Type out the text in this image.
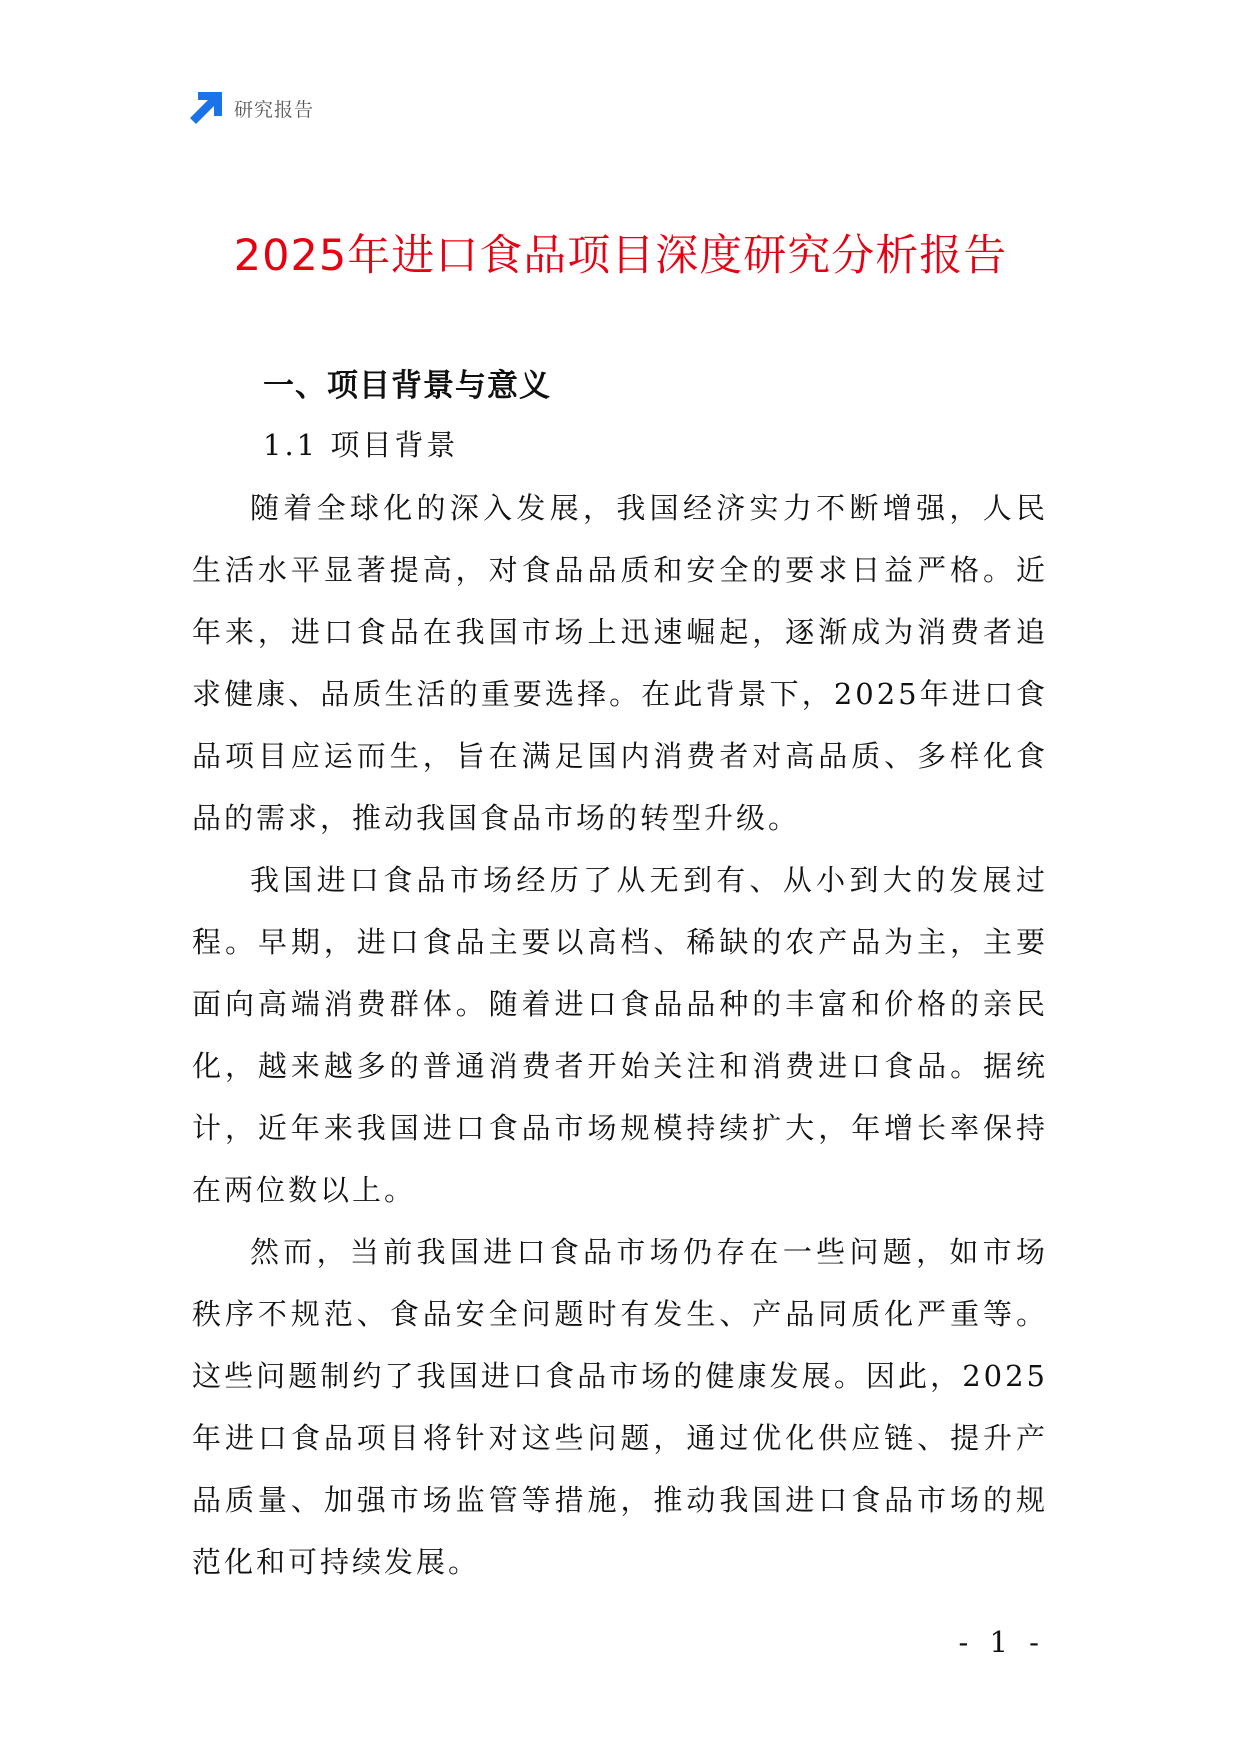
研究报告
2025年进口食品项目深度研究分析报告
一、项目背景与意义
1.1 项目背景

随着全球化的深入发展，我国经济实力不断增强，人民生活水平显著提高，对食品品质和安全的要求日益严格。近年来，进口食品在我国市场上迅速崛起，逐渐成为消费者追求健康、品质生活的重要选择。在此背景下，2025年进口食品项目应运而生，旨在满足国内消费者对高品质、多样化食品的需求，推动我国食品市场的转型升级。

我国进口食品市场经历了从无到有、从小到大的发展过程。早期，进口食品主要以高档、稀缺的农产品为主，主要面向高端消费群体。随着进口食品品种的丰富和价格的亲民化，越来越多的普通消费者开始关注和消费进口食品。据统计，近年来我国进口食品市场规模持续扩大，年增长率保持在两位数以上。

然而，当前我国进口食品市场仍存在一些问题，如市场秩序不规范、食品安全问题时有发生、产品同质化严重等。这些问题制约了我国进口食品市场的健康发展。因此，2025年进口食品项目将针对这些问题，通过优化供应链、提升产品质量、加强市场监管等措施，推动我国进口食品市场的规范化和可持续发展。

- 1 -
